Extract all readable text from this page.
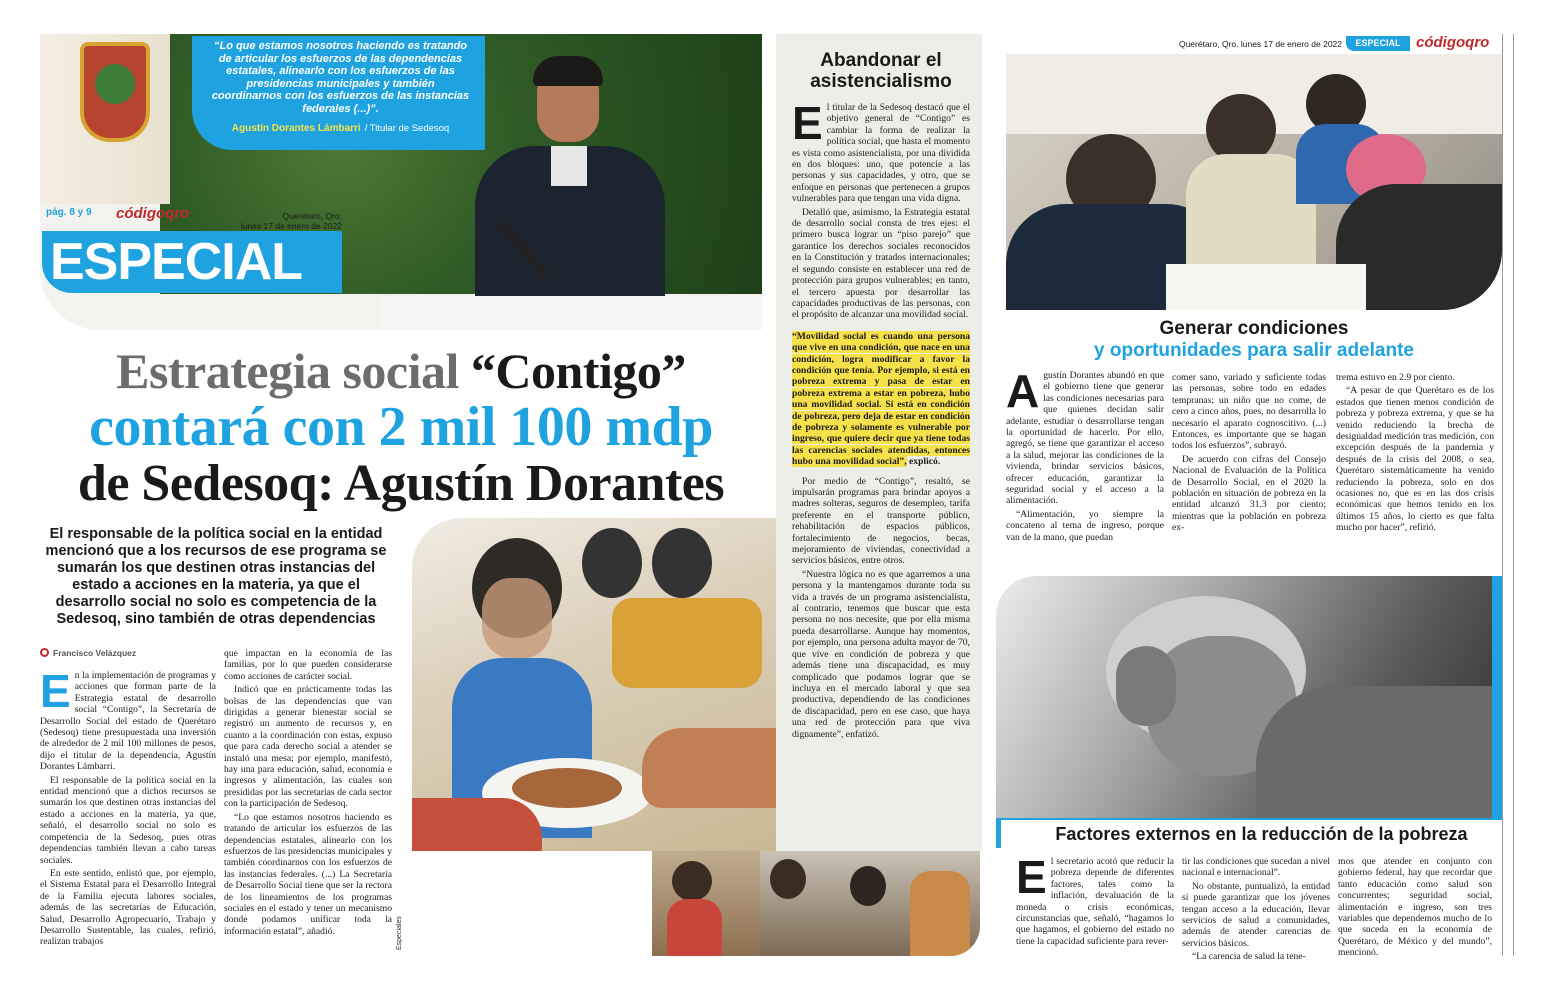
“Lo que estamos nosotros haciendo es tratando de articular los esfuerzos de las dependencias estatales, alinearlo con los esfuerzos de las presidencias municipales y también coordinarnos con los esfuerzos de las instancias federales (...)”.
Agustín Dorantes Lámbarri / Titular de Sedesoq
pág. 8 y 9 códigoqro	Querétaro, Qro.
lunes 17 de enero de 2022
ESPECIAL
Estrategia social “Contigo”
contará con 2 mil 100 mdp
de Sedesoq: Agustín Dorantes
El responsable de la política social en la entidad mencionó que a los recursos de ese programa se sumarán los que destinen otras instancias del estado a acciones en la materia, ya que el desarrollo social no solo es competencia de la Sedesoq, sino también de otras dependencias
Francisco Velázquez

En la implementación de programas y acciones que forman parte de la Estrategia estatal de desarrollo social “Contigo”, la Secretaría de Desarrollo Social del estado de Querétaro (Sedesoq) tiene presupuestada una inversión de alrededor de 2 mil 100 millones de pesos, dijo el titular de la dependencia, Agustín Dorantes Lámbarri.

El responsable de la política social en la entidad mencionó que a dichos recursos se sumarán los que destinen otras instancias del estado a acciones en la materia, ya que, señaló, el desarrollo social no solo es competencia de la Sedesoq, pues otras dependencias también llevan a cabo tareas sociales.

En este sentido, enlistó que, por ejemplo, el Sistema Estatal para el Desarrollo Integral de la Familia ejecuta labores sociales, además de las secretarías de Educación, Salud, Desarrollo Agropecuario, Trabajo y Desarrollo Sustentable, las cuales, refirió, realizan trabajos

que impactan en la economía de las familias, por lo que pueden considerarse como acciones de carácter social.

Indicó que en prácticamente todas las bolsas de las dependencias que van dirigidas a generar bienestar social se registró un aumento de recursos y, en cuanto a la coordinación con estas, expuso que para cada derecho social a atender se instaló una mesa; por ejemplo, manifestó, hay una para educación, salud, economía e ingresos y alimentación, las cuales son presididas por las secretarías de cada sector con la participación de Sedesoq.

“Lo que estamos nosotros haciendo es tratando de articular los esfuerzos de las dependencias estatales, alinearlo con los esfuerzos de las presidencias municipales y también coordinarnos con los esfuerzos de las instancias federales. (...) La Secretaría de Desarrollo Social tiene que ser la rectora de los lineamientos de los programas sociales en el estado y tener un mecanismo donde podamos unificar toda la información estatal”, añadió.	Especiales
Abandonar el asistencialismo

El titular de la Sedesoq destacó que el objetivo general de “Contigo” es cambiar la forma de realizar la política social, que hasta el momento es vista como asistencialista, por una dividida en dos bloques: uno, que potencie a las personas y sus capacidades, y otro, que se enfoque en personas que pertenecen a grupos vulnerables para que tengan una vida digna.

Detalló que, asimismo, la Estrategia estatal de desarrollo social consta de tres ejes: el primero busca lograr un “piso parejo” que garantice los derechos sociales reconocidos en la Constitución y tratados internacionales; el segundo consiste en establecer una red de protección para grupos vulnerables; en tanto, el tercero apuesta por desarrollar las capacidades productivas de las personas, con el propósito de alcanzar una movilidad social.

“Movilidad social es cuando una persona que vive en una condición, que nace en una condición, logra modificar a favor la condición que tenía. Por ejemplo, si está en pobreza extrema y pasa de estar en pobreza extrema a estar en pobreza, hubo una movilidad social. Si está en condición de pobreza, pero deja de estar en condición de pobreza y solamente es vulnerable por ingreso, que quiere decir que ya tiene todas las carencias sociales atendidas, entonces hubo una movilidad social”, explicó.

Por medio de “Contigo”, resaltó, se impulsarán programas para brindar apoyos a madres solteras, seguros de desempleo, tarifa preferente en el transporte público, rehabilitación de espacios públicos, fortalecimiento de negocios, becas, mejoramiento de viviendas, conectividad a servicios básicos, entre otros.

“Nuestra lógica no es que agarremos a una persona y la mantengamos durante toda su vida a través de un programa asistencialista, al contrario, tenemos que buscar que esta persona no nos necesite, que por ella misma pueda desarrollarse. Aunque hay momentos, por ejemplo, una persona adulta mayor de 70, que vive en condición de pobreza y que además tiene una discapacidad, es muy complicado que podamos lograr que se incluya en el mercado laboral y que sea productiva, dependiendo de las condiciones de discapacidad, pero en ese caso, que haya una red de protección para que viva dignamente”, enfatizó.

Querétaro, Qro. lunes 17 de enero de 2022	ESPECIAL	códigoqro
Generar condiciones
y oportunidades para salir adelante

Agustín Dorantes abundó en que el gobierno tiene que generar las condiciones necesarias para que quienes decidan salir adelante, estudiar o desarrollarse tengan la oportunidad de hacerlo. Por ello, agregó, se tiene que garantizar el acceso a la salud, mejorar las condiciones de la vivienda, brindar servicios básicos, ofrecer educación, garantizar la seguridad social y el acceso a la alimentación.

“Alimentación, yo siempre la concateno al tema de ingreso, porque van de la mano, que puedan

comer sano, variado y suficiente todas las personas, sobre todo en edades tempranas; un niño que no come, de cero a cinco años, pues, no desarrolla lo necesario el aparato cognoscitivo. (...) Entonces, es importante que se hagan todos los esfuerzos”, subrayó.

De acuerdo con cifras del Consejo Nacional de Evaluación de la Política de Desarrollo Social, en el 2020 la población en situación de pobreza en la entidad alcanzó 31.3 por ciento; mientras que la población en pobreza ex-

trema estuvo en 2.9 por ciento.

“A pesar de que Querétaro es de los estados que tienen menos condición de pobreza y pobreza extrema, y que se ha venido reduciendo la brecha de desigualdad medición tras medición, con excepción después de la pandemia y después de la crisis del 2008, o sea, Querétaro sistemáticamente ha venido reduciendo la pobreza, solo en dos ocasiones no, que es en las dos crisis económicas que hemos tenido en los últimos 15 años, lo cierto es que falta mucho por hacer”, refirió.

Factores externos en la reducción de la pobreza

El secretario acotó que reducir la pobreza depende de diferentes factores, tales como la inflación, devaluación de la moneda o crisis económicas, circunstancias que, señaló, “hagamos lo que hagamos, el gobierno del estado no tiene la capacidad suficiente para rever-

tir las condiciones que sucedan a nivel nacional e internacional”.

No obstante, puntualizó, la entidad sí puede garantizar que los jóvenes tengan acceso a la educación, llevar servicios de salud a comunidades, además de atender carencias de servicios básicos.

“La carencia de salud la tene-

mos que atender en conjunto con gobierno federal, hay que recordar que tanto educación como salud son concurrentes; seguridad social, alimentación e ingreso, son tres variables que dependemos mucho de lo que suceda en la economía de Querétaro, de México y del mundo”, mencionó.
